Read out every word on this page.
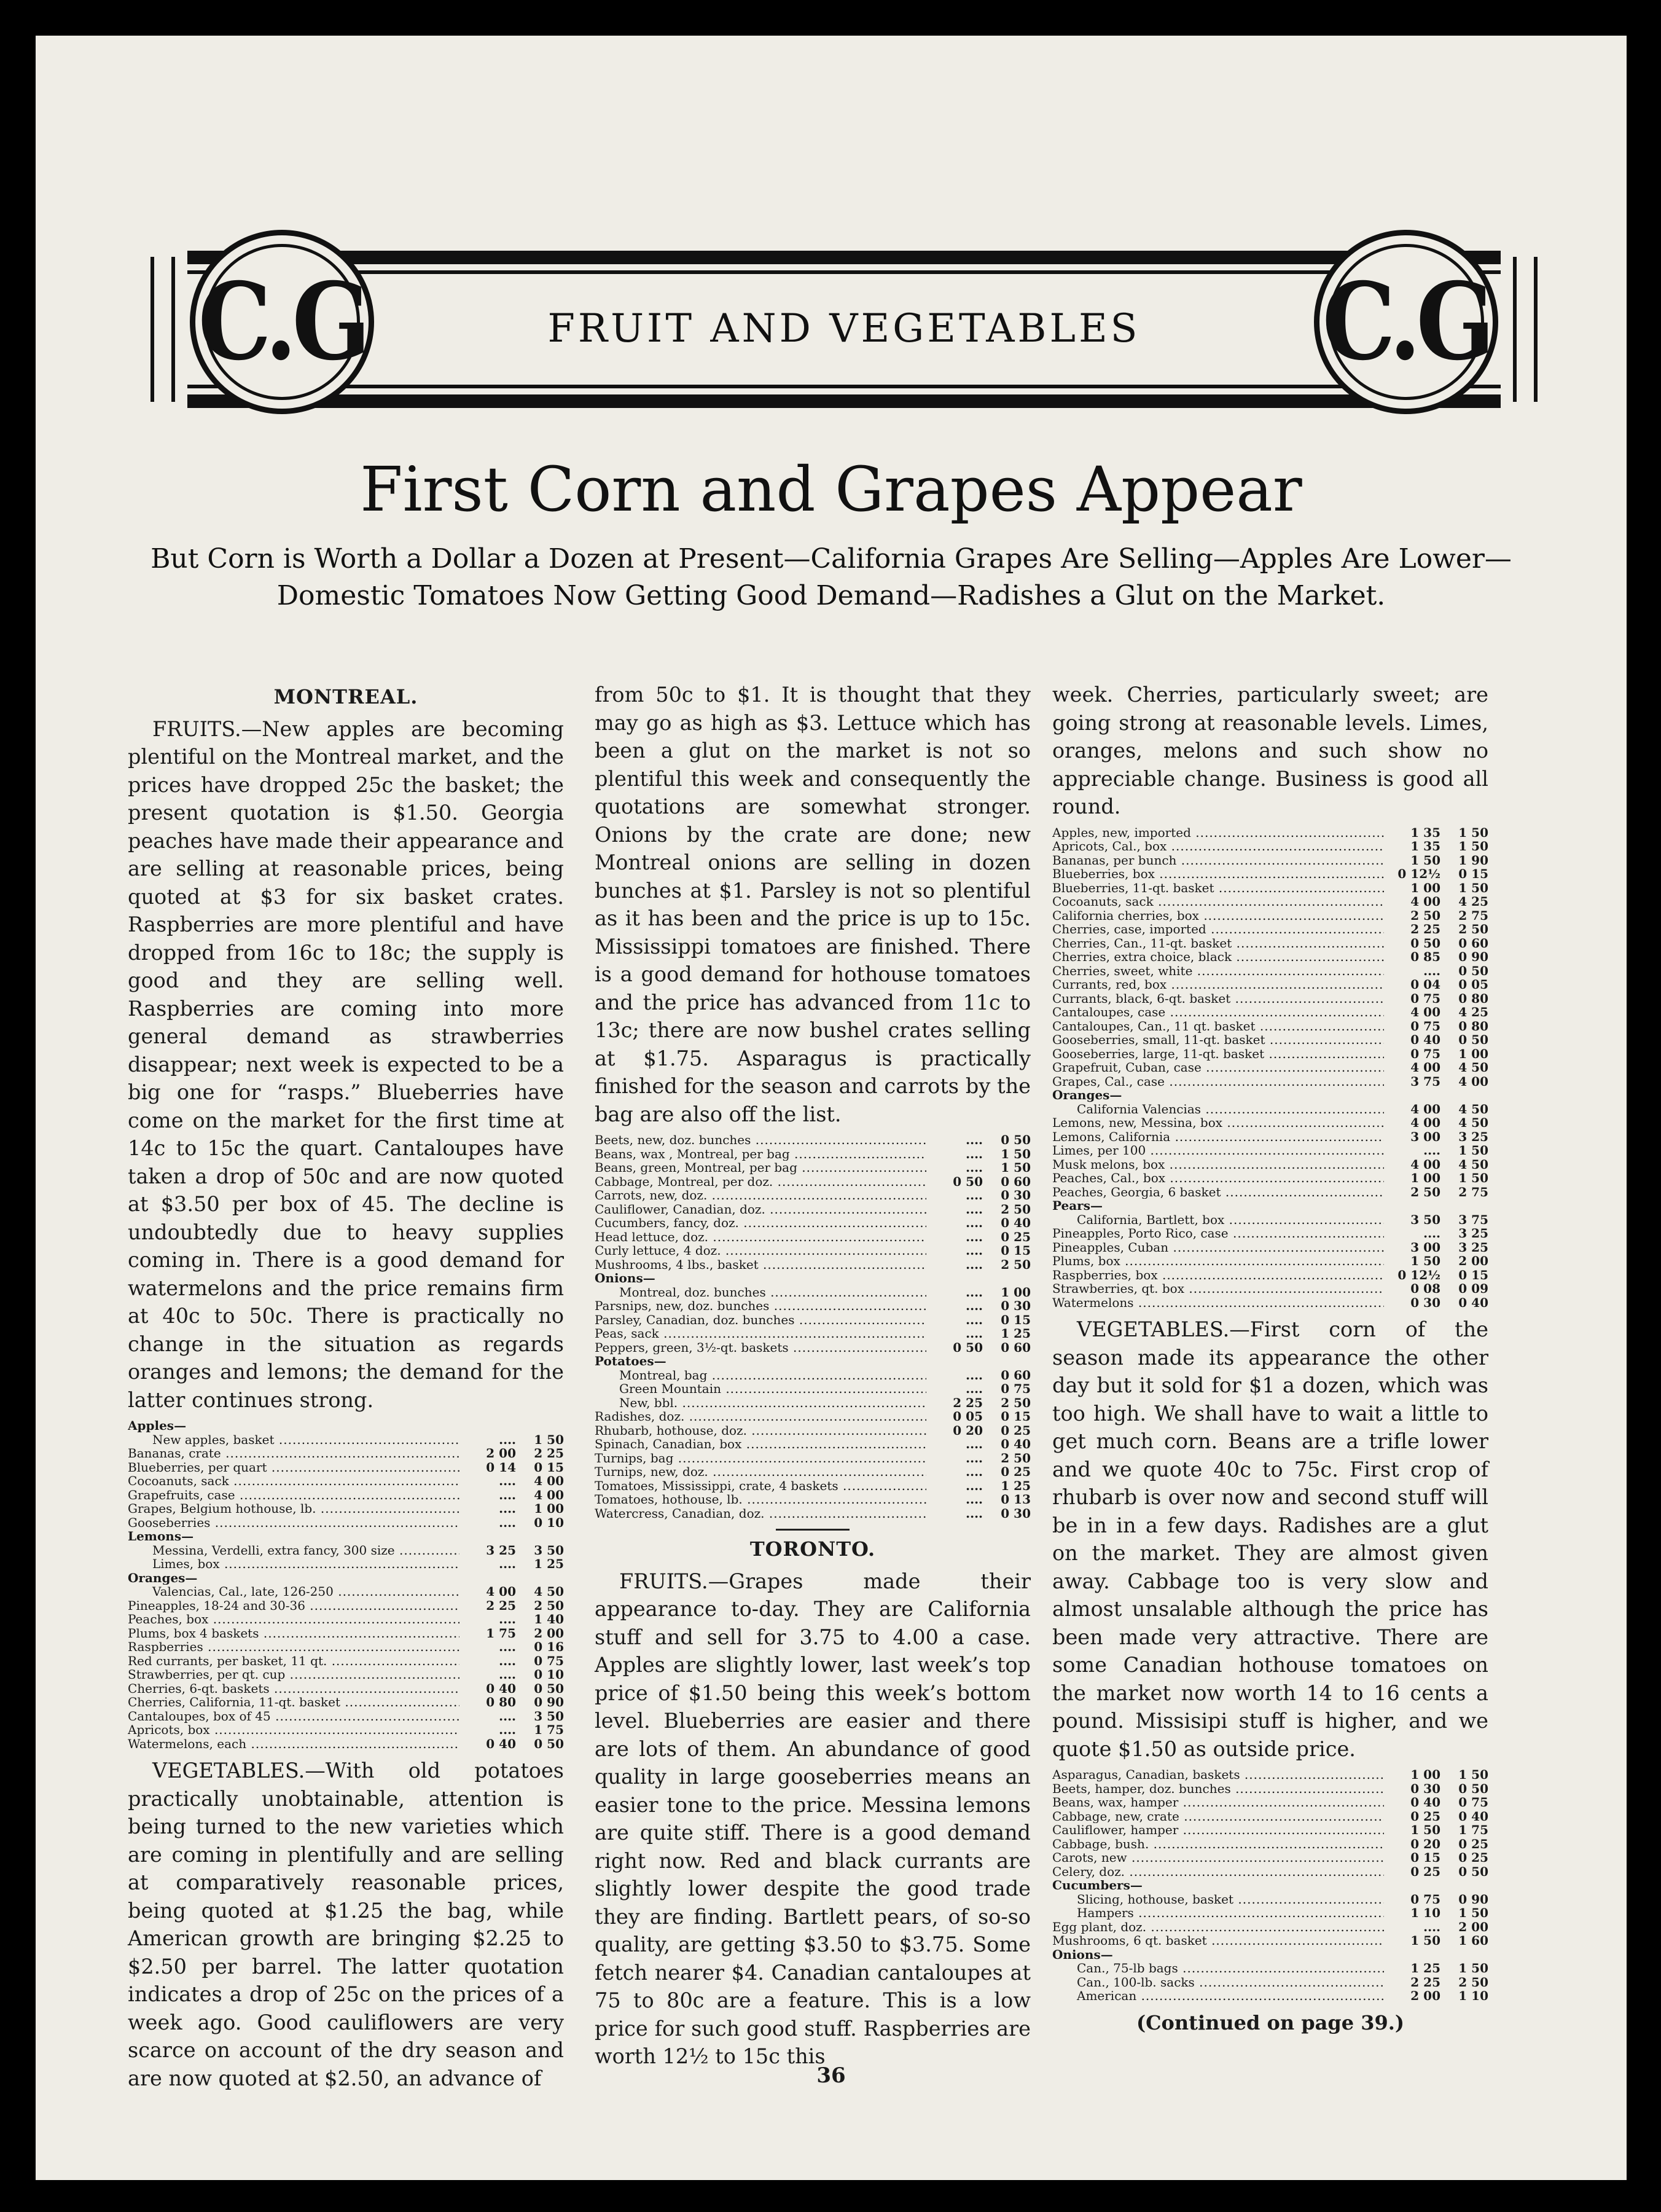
C.G	C.G
FRUIT AND VEGETABLES
First Corn and Grapes Appear
But Corn is Worth a Dollar a Dozen at Present—California Grapes Are Selling—Apples Are Lower—Domestic Tomatoes Now Getting Good Demand—Radishes a Glut on the Market.
MONTREAL.

FRUITS.—New apples are becoming plentiful on the Montreal market, and the prices have dropped 25c the basket; the present quotation is $1.50. Georgia peaches have made their appearance and are selling at reasonable prices, being quoted at $3 for six basket crates. Raspberries are more plentiful and have dropped from 16c to 18c; the supply is good and they are selling well. Raspberries are coming into more general demand as strawberries disappear; next week is expected to be a big one for “rasps.” Blueberries have come on the market for the first time at 14c to 15c the quart. Cantaloupes have taken a drop of 50c and are now quoted at $3.50 per box of 45. The decline is undoubtedly due to heavy supplies coming in. There is a good demand for watermelons and the price remains firm at 40c to 50c. There is practically no change in the situation as regards oranges and lemons; the demand for the latter continues strong.

Apples—		
New apples, basket .....	....	1 50
Bananas, crate .....	2 00	2 25
Blueberries, per quart .....	0 14	0 15
Cocoanuts, sack .....	....	4 00
Grapefruits, case .....	....	4 00
Grapes, Belgium hothouse, lb. .....	....	1 00
Gooseberries .....	....	0 10
Lemons—		
Messina, Verdelli, extra fancy, 300 size .....	3 25	3 50
Limes, box .....	....	1 25
Oranges—		
Valencias, Cal., late, 126-250 .....	4 00	4 50
Pineapples, 18-24 and 30-36 .....	2 25	2 50
Peaches, box .....	....	1 40
Plums, box 4 baskets .....	1 75	2 00
Raspberries .....	....	0 16
Red currants, per basket, 11 qt. .....	....	0 75
Strawberries, per qt. cup .....	....	0 10
Cherries, 6-qt. baskets .....	0 40	0 50
Cherries, California, 11-qt. basket .....	0 80	0 90
Cantaloupes, box of 45 .....	....	3 50
Apricots, box .....	....	1 75
Watermelons, each .....	0 40	0 50

VEGETABLES.—With old potatoes practically unobtainable, attention is being turned to the new varieties which are coming in plentifully and are selling at comparatively reasonable prices, being quoted at $1.25 the bag, while American growth are bringing $2.25 to $2.50 per barrel. The latter quotation indicates a drop of 25c on the prices of a week ago. Good cauliflowers are very scarce on account of the dry season and are now quoted at $2.50, an advance of

from 50c to $1. It is thought that they may go as high as $3. Lettuce which has been a glut on the market is not so plentiful this week and consequently the quotations are somewhat stronger. Onions by the crate are done; new Montreal onions are selling in dozen bunches at $1. Parsley is not so plentiful as it has been and the price is up to 15c. Mississippi tomatoes are finished. There is a good demand for hothouse tomatoes and the price has advanced from 11c to 13c; there are now bushel crates selling at $1.75. Asparagus is practically finished for the season and carrots by the bag are also off the list.

Beets, new, doz. bunches .....	....	0 50
Beans, wax , Montreal, per bag .....	....	1 50
Beans, green, Montreal, per bag .....	....	1 50
Cabbage, Montreal, per doz. .....	0 50	0 60
Carrots, new, doz. .....	....	0 30
Cauliflower, Canadian, doz. .....	....	2 50
Cucumbers, fancy, doz. .....	....	0 40
Head lettuce, doz. .....	....	0 25
Curly lettuce, 4 doz. .....	....	0 15
Mushrooms, 4 lbs., basket .....	....	2 50
Onions—		
Montreal, doz. bunches .....	....	1 00
Parsnips, new, doz. bunches .....	....	0 30
Parsley, Canadian, doz. bunches .....	....	0 15
Peas, sack .....	....	1 25
Peppers, green, 3½-qt. baskets .....	0 50	0 60
Potatoes—		
Montreal, bag .....	....	0 60
Green Mountain .....	....	0 75
New, bbl. .....	2 25	2 50
Radishes, doz. .....	0 05	0 15
Rhubarb, hothouse, doz. .....	0 20	0 25
Spinach, Canadian, box .....	....	0 40
Turnips, bag .....	....	2 50
Turnips, new, doz. .....	....	0 25
Tomatoes, Mississippi, crate, 4 baskets .....	....	1 25
Tomatoes, hothouse, lb. .....	....	0 13
Watercress, Canadian, doz. .....	....	0 30
TORONTO.

FRUITS.—Grapes made their appearance to-day. They are California stuff and sell for 3.75 to 4.00 a case. Apples are slightly lower, last week’s top price of $1.50 being this week’s bottom level. Blueberries are easier and there are lots of them. An abundance of good quality in large gooseberries means an easier tone to the price. Messina lemons are quite stiff. There is a good demand right now. Red and black currants are slightly lower despite the good trade they are finding. Bartlett pears, of so-so quality, are getting $3.50 to $3.75. Some fetch nearer $4. Canadian cantaloupes at 75 to 80c are a feature. This is a low price for such good stuff. Raspberries are worth 12½ to 15c this

week. Cherries, particularly sweet; are going strong at reasonable levels. Limes, oranges, melons and such show no appreciable change. Business is good all round.

Apples, new, imported .....	1 35	1 50
Apricots, Cal., box .....	1 35	1 50
Bananas, per bunch .....	1 50	1 90
Blueberries, box .....	0 12½	0 15
Blueberries, 11-qt. basket .....	1 00	1 50
Cocoanuts, sack .....	4 00	4 25
California cherries, box .....	2 50	2 75
Cherries, case, imported .....	2 25	2 50
Cherries, Can., 11-qt. basket .....	0 50	0 60
Cherries, extra choice, black .....	0 85	0 90
Cherries, sweet, white .....	....	0 50
Currants, red, box .....	0 04	0 05
Currants, black, 6-qt. basket .....	0 75	0 80
Cantaloupes, case .....	4 00	4 25
Cantaloupes, Can., 11 qt. basket .....	0 75	0 80
Gooseberries, small, 11-qt. basket .....	0 40	0 50
Gooseberries, large, 11-qt. basket .....	0 75	1 00
Grapefruit, Cuban, case .....	4 00	4 50
Grapes, Cal., case .....	3 75	4 00
Oranges—		
California Valencias .....	4 00	4 50
Lemons, new, Messina, box .....	4 00	4 50
Lemons, California .....	3 00	3 25
Limes, per 100 .....	....	1 50
Musk melons, box .....	4 00	4 50
Peaches, Cal., box .....	1 00	1 50
Peaches, Georgia, 6 basket .....	2 50	2 75
Pears—		
California, Bartlett, box .....	3 50	3 75
Pineapples, Porto Rico, case .....	....	3 25
Pineapples, Cuban .....	3 00	3 25
Plums, box .....	1 50	2 00
Raspberries, box .....	0 12½	0 15
Strawberries, qt. box .....	0 08	0 09
Watermelons .....	0 30	0 40

VEGETABLES.—First corn of the season made its appearance the other day but it sold for $1 a dozen, which was too high. We shall have to wait a little to get much corn. Beans are a trifle lower and we quote 40c to 75c. First crop of rhubarb is over now and second stuff will be in in a few days. Radishes are a glut on the market. They are almost given away. Cabbage too is very slow and almost unsalable although the price has been made very attractive. There are some Canadian hothouse tomatoes on the market now worth 14 to 16 cents a pound. Missisipi stuff is higher, and we quote $1.50 as outside price.

Asparagus, Canadian, baskets .....	1 00	1 50
Beets, hamper, doz. bunches .....	0 30	0 50
Beans, wax, hamper .....	0 40	0 75
Cabbage, new, crate .....	0 25	0 40
Cauliflower, hamper .....	1 50	1 75
Cabbage, bush. .....	0 20	0 25
Carots, new .....	0 15	0 25
Celery, doz. .....	0 25	0 50
Cucumbers—		
Slicing, hothouse, basket .....	0 75	0 90
Hampers .....	1 10	1 50
Egg plant, doz. .....	....	2 00
Mushrooms, 6 qt. basket .....	1 50	1 60
Onions—		
Can., 75-lb bags .....	1 25	1 50
Can., 100-lb. sacks .....	2 25	2 50
American .....	2 00	1 10
(Continued on page 39.)
36
